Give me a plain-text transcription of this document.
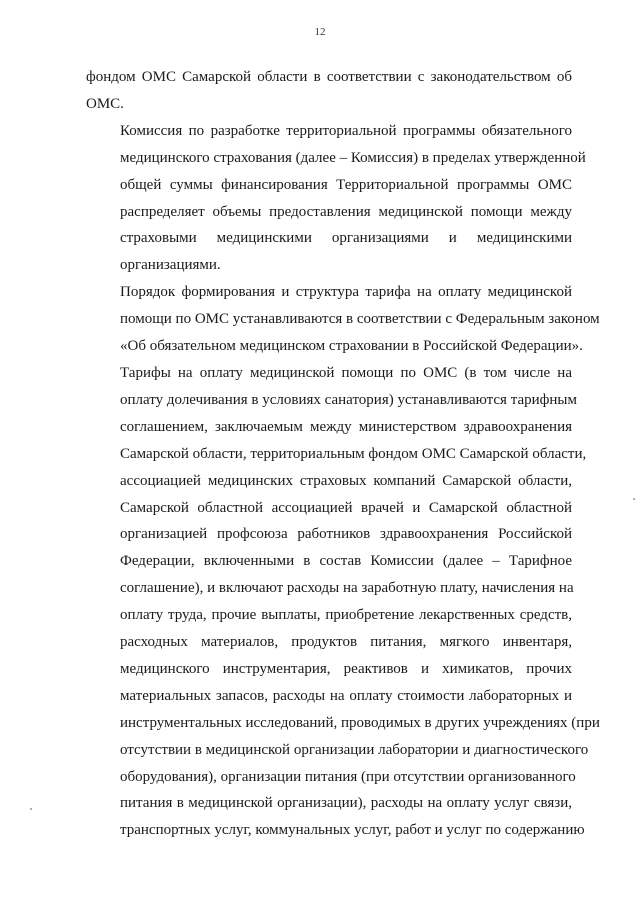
12

фондом ОМС Самарской области в соответствии с законодательством об
ОМС.

Комиссия по разработке территориальной программы обязательного
медицинского страхования (далее – Комиссия) в пределах утвержденной
общей суммы финансирования Территориальной программы ОМС
распределяет объемы предоставления медицинской помощи между
страховыми медицинскими организациями и медицинскими
организациями.

Порядок формирования и структура тарифа на оплату медицинской
помощи по ОМС устанавливаются в соответствии с Федеральным законом
«Об обязательном медицинском страховании в Российской Федерации».

Тарифы на оплату медицинской помощи по ОМС (в том числе на
оплату долечивания в условиях санатория) устанавливаются тарифным
соглашением, заключаемым между министерством здравоохранения
Самарской области, территориальным фондом ОМС Самарской области,
ассоциацией медицинских страховых компаний Самарской области,
Самарской областной ассоциацией врачей и Самарской областной
организацией профсоюза работников здравоохранения Российской
Федерации, включенными в состав Комиссии (далее – Тарифное
соглашение), и включают расходы на заработную плату, начисления на
оплату труда, прочие выплаты, приобретение лекарственных средств,
расходных материалов, продуктов питания, мягкого инвентаря,
медицинского инструментария, реактивов и химикатов, прочих
материальных запасов, расходы на оплату стоимости лабораторных и
инструментальных исследований, проводимых в других учреждениях (при
отсутствии в медицинской организации лаборатории и диагностического
оборудования), организации питания (при отсутствии организованного
питания в медицинской организации), расходы на оплату услуг связи,
транспортных услуг, коммунальных услуг, работ и услуг по содержанию
